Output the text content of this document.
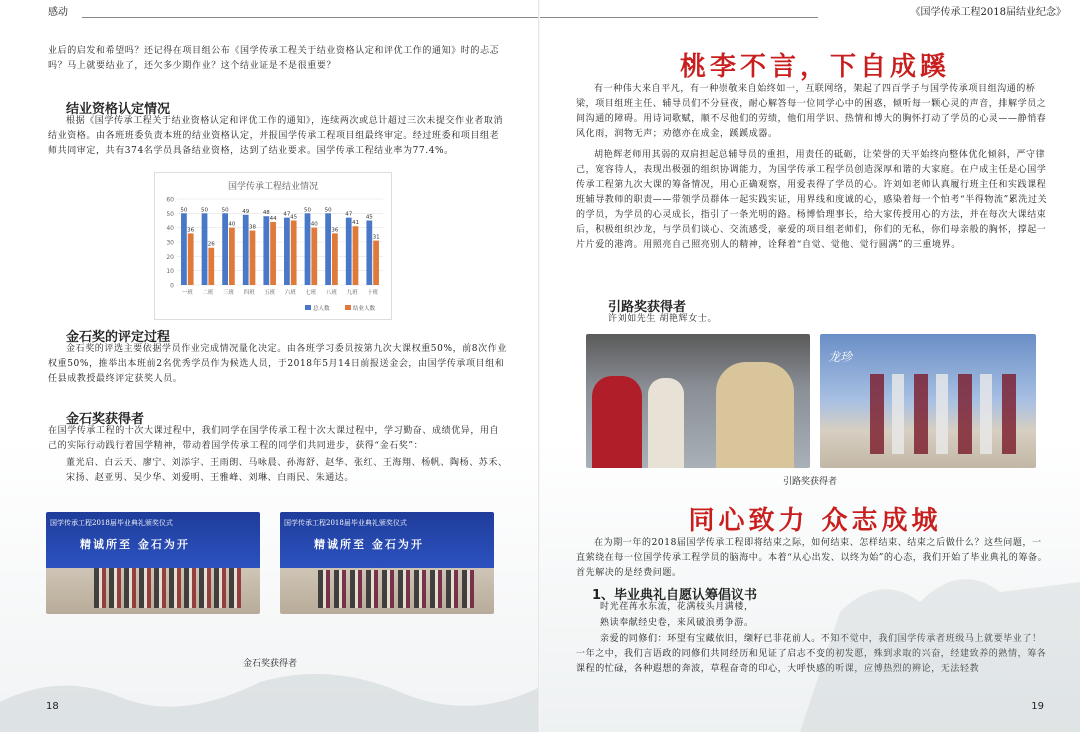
感动

业后的启发和希望吗？还记得在项目组公布《国学传承工程关于结业资格认定和评优工作的通知》时的忐忑吗？马上就要结业了，还欠多少期作业？这个结业证是不是很重要？

结业资格认定情况

根据《国学传承工程关于结业资格认定和评优工作的通知》，连续两次或总计超过三次未提交作业者取消结业资格。由各班班委负责本班的结业资格认定，并报国学传承工程项目组最终审定。经过班委和项目组老师共同审定，共有374名学员具备结业资格，达到了结业要求。国学传承工程结业率为77.4%。

国学传承工程结业情况
50
36
50
26
50
40
49
38
48
44
47 45
50
40
50
36
47
41
45
31
一班 二班 三班 四班 五班 六班 七班 八班 九班 十班
0
10
20
30
40
50
60
总人数	结业人数

金石奖的评定过程

金石奖的评选主要依据学员作业完成情况量化决定。由各班学习委员按第九次大课权重50%，前8次作业权重50%，推举出本班前2名优秀学员作为候选人员，于2018年5月14日前报送金会，由国学传承项目组和任县成教授最终评定获奖人员。

金石奖获得者

在国学传承工程的十次大课过程中，我们同学在国学传承工程十次大课过程中，学习勤奋、成绩优异，用自己的实际行动践行着国学精神，带动着国学传承工程的同学们共同进步，获得“金石奖”：

董光启、白云天、廖宁、刘添宇、王雨朗、马咏晨、孙海舒、赵华、张红、王海翔、杨帆、陶杨、苏禾、宋扬、赵亚男、吴少华、刘爱明、王雅峰、刘琳、白雨民、朱通达。

国学传承工程2018届毕业典礼颁奖仪式
精诚所至 金石为开
国学传承工程2018届毕业典礼颁奖仪式
精诚所至 金石为开
金石奖获得者
18
《国学传承工程2018届结业纪念》
桃李不言，下自成蹊

有一种伟大来自平凡，有一种崇敬来自始终如一，互联网络，架起了四百学子与国学传承项目组沟通的桥梁，项目组班主任、辅导员们不分昼夜，耐心解答每一位同学心中的困惑，倾听每一颗心灵的声音，排解学员之间沟通的障碍。用诗词歌赋，顺不尽他们的劳绩，他们用学识、热情和博大的胸怀打动了学员的心灵——静悄春风化雨，润物无声；劝德亦在成金，蹊蹊成器。

胡艳辉老师用其弱的双肩担起总辅导员的重担，用责任的砥砺，让荣誉的天平始终向整体优化倾斜，严守律己，宽容待人，表现出极强的组织协调能力，为国学传承工程学员创造深厚和谐的大家庭。在户成主任是心国学传承工程第九次大课的筹备情况，用心正确观察，用爱表得了学员的心。许刘如老师认真履行班主任和实践课程班辅导教师的职责——带领学员群体一起实践实证，用界线和度诚的心，感染着每一个怕考“半得物流”累洗过关的学员，为学员的心灵成长，指引了一条光明的路。杨博恰理事长，给大家传授用心的方法，并在每次大课结束后，积极组织沙龙，与学员们谈心、交流感受，豪爱的项目组老师们，你们的无私，你们母亲般的胸怀，撑起一片片爱的港湾。用照亮自己照亮别人的精神，诠释着“自觉、觉他、觉行圆满”的三重境界。

引路奖获得者

许刘如先生 胡艳辉女士。

龙珍
引路奖获得者
同心致力 众志成城

在为期一年的2018届国学传承工程即将结束之际，如何结束、怎样结束、结束之后做什么？这些问题，一直萦绕在每一位国学传承工程学员的脑海中。本着“从心出发、以终为始”的心态，我们开始了毕业典礼的筹备。首先解决的是经费问题。

1、毕业典礼自愿认筹倡议书

时光荏苒水东流，花满枝头月满楼，

熟读奉献经史卷，来风破浪勇争游。

亲爱的同修们：环望有宝藏依旧，缬籽已非花前人。不知不觉中，我们国学传承者班级马上就要毕业了！一年之中，我们言语政的同修们共同经历和见证了启志不变的初发愿，殊到求取的兴奋，经建致养的熟情，筹各课程的忙碌，各种遐想的奔波，草程奋奇的印心，大呼快感的听课，应博热烈的辨论，无法轻教

19
